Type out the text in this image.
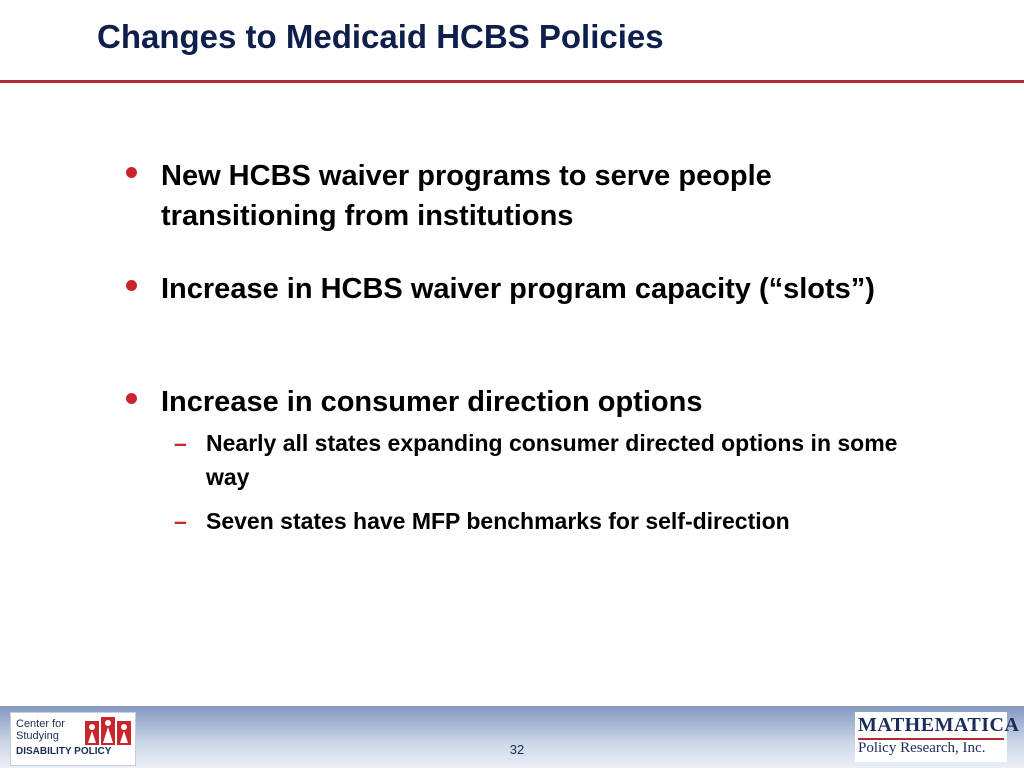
Changes to Medicaid HCBS Policies
New HCBS waiver programs to serve people transitioning from institutions
Increase in HCBS waiver program capacity (“slots”)
Increase in consumer direction options
– Nearly all states expanding consumer directed options in some way
– Seven states have MFP benchmarks for self-direction
Center for
Studying
DISABILITY POLICY	32
MATHEMATICA
Policy Research, Inc.
